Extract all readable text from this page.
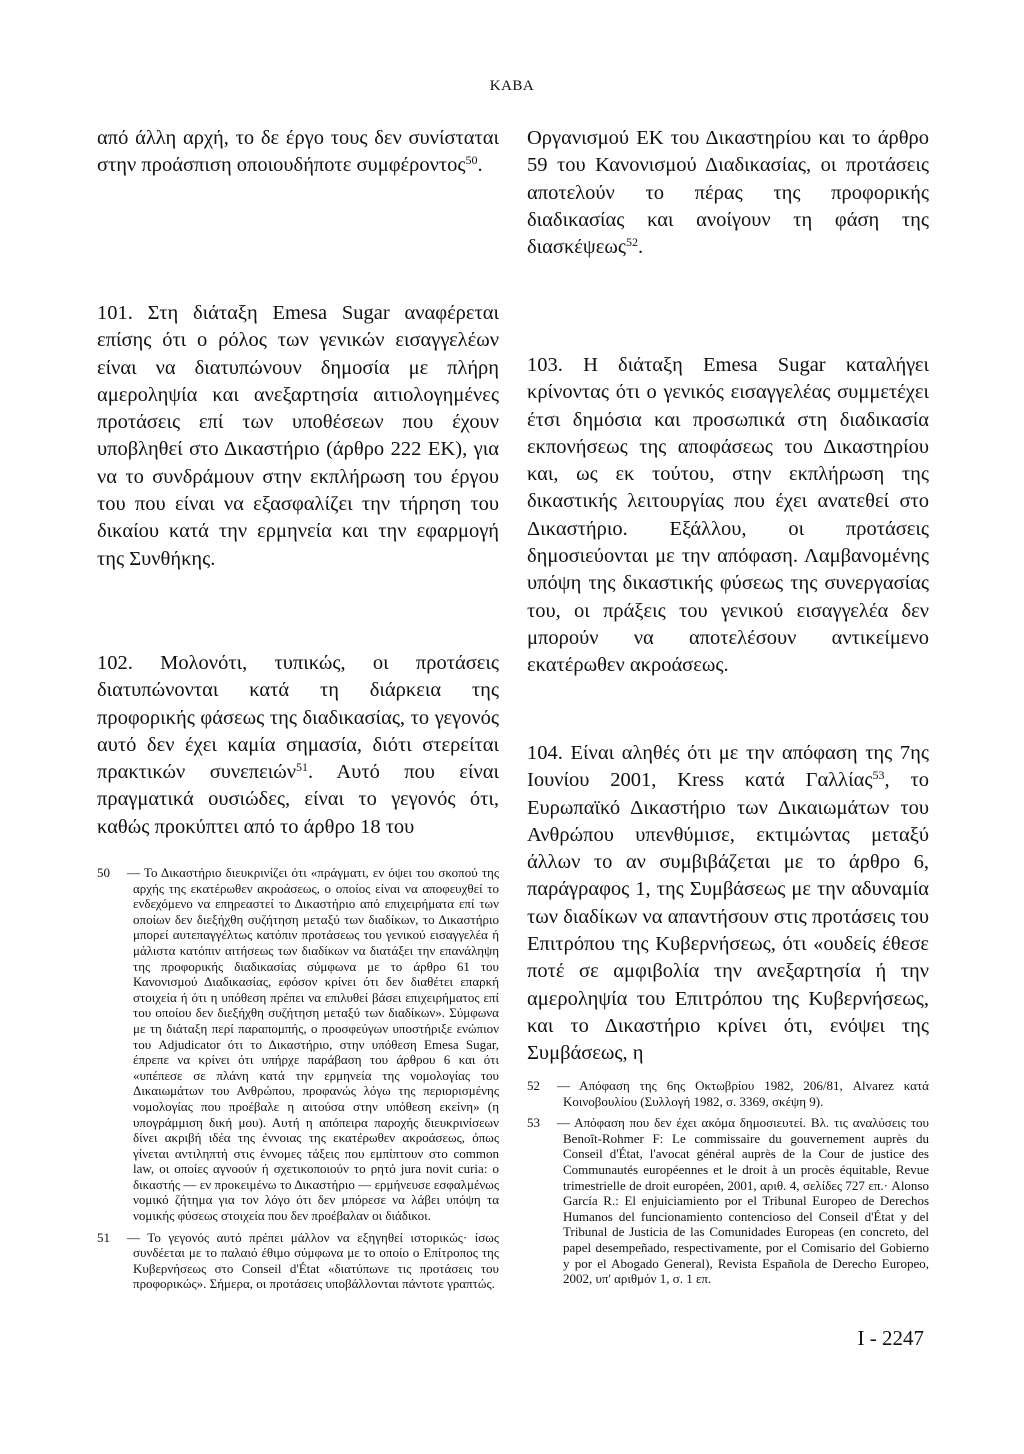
KABA

από άλλη αρχή, το δε έργο τους δεν συνίσταται στην προάσπιση οποιουδήποτε συμφέροντος$^{50}$.

101. Στη διάταξη Emesa Sugar αναφέρεται επίσης ότι ο ρόλος των γενικών εισαγγελέων είναι να διατυπώνουν δημοσία με πλήρη αμεροληψία και ανεξαρτησία αιτιολογημένες προτάσεις επί των υποθέσεων που έχουν υποβληθεί στο Δικαστήριο (άρθρο 222 ΕΚ), για να το συνδράμουν στην εκπλήρωση του έργου του που είναι να εξασφαλίζει την τήρηση του δικαίου κατά την ερμηνεία και την εφαρμογή της Συνθήκης.

102. Μολονότι, τυπικώς, οι προτάσεις διατυπώνονται κατά τη διάρκεια της προφορικής φάσεως της διαδικασίας, το γεγονός αυτό δεν έχει καμία σημασία, διότι στερείται πρακτικών συνεπειών$^{51}$. Αυτό που είναι πραγματικά ουσιώδες, είναι το γεγονός ότι, καθώς προκύπτει από το άρθρο 18 του

50 — Το Δικαστήριο διευκρινίζει ότι «πράγματι, εν όψει του σκοπού της αρχής της εκατέρωθεν ακροάσεως, ο οποίος είναι να αποφευχθεί το ενδεχόμενο να επηρεαστεί το Δικαστήριο από επιχειρήματα επί των οποίων δεν διεξήχθη συζήτηση μεταξύ των διαδίκων, το Δικαστήριο μπορεί αυτεπαγγέλτως κατόπιν προτάσεως του γενικού εισαγγελέα ή μάλιστα κατόπιν αιτήσεως των διαδίκων να διατάξει την επανάληψη της προφορικής διαδικασίας σύμφωνα με το άρθρο 61 του Κανονισμού Διαδικασίας, εφόσον κρίνει ότι δεν διαθέτει επαρκή στοιχεία ή ότι η υπόθεση πρέπει να επιλυθεί βάσει επιχειρήματος επί του οποίου δεν διεξήχθη συζήτηση μεταξύ των διαδίκων». Σύμφωνα με τη διάταξη περί παραπομπής, ο προσφεύγων υποστήριξε ενώπιον του Adjudicator ότι το Δικαστήριο, στην υπόθεση Emesa Sugar, έπρεπε να κρίνει ότι υπήρχε παράβαση του άρθρου 6 και ότι «υπέπεσε σε πλάνη κατά την ερμηνεία της νομολογίας του Δικαιωμάτων του Ανθρώπου, προφανώς λόγω της περιορισμένης νομολογίας που προέβαλε η αιτούσα στην υπόθεση εκείνη» (η υπογράμμιση δική μου). Αυτή η απόπειρα παροχής διευκρινίσεων δίνει ακριβή ιδέα της έννοιας της εκατέρωθεν ακροάσεως, όπως γίνεται αντιληπτή στις έννομες τάξεις που εμπίπτουν στο common law, οι οποίες αγνοούν ή σχετικοποιούν το ρητό jura novit curia: ο δικαστής — εν προκειμένω το Δικαστήριο — ερμήνευσε εσφαλμένως νομικό ζήτημα για τον λόγο ότι δεν μπόρεσε να λάβει υπόψη τα νομικής φύσεως στοιχεία που δεν προέβαλαν οι διάδικοι.

51 — Το γεγονός αυτό πρέπει μάλλον να εξηγηθεί ιστορικώς· ίσως συνδέεται με το παλαιό έθιμο σύμφωνα με το οποίο ο Επίτροπος της Κυβερνήσεως στο Conseil d'État «διατύπωνε τις προτάσεις του προφορικώς». Σήμερα, οι προτάσεις υποβάλλονται πάντοτε γραπτώς.

Οργανισμού ΕΚ του Δικαστηρίου και το άρθρο 59 του Κανονισμού Διαδικασίας, οι προτάσεις αποτελούν το πέρας της προφορικής διαδικασίας και ανοίγουν τη φάση της διασκέψεως$^{52}$.

103. Η διάταξη Emesa Sugar καταλήγει κρίνοντας ότι ο γενικός εισαγγελέας συμμετέχει έτσι δημόσια και προσωπικά στη διαδικασία εκπονήσεως της αποφάσεως του Δικαστηρίου και, ως εκ τούτου, στην εκπλήρωση της δικαστικής λειτουργίας που έχει ανατεθεί στο Δικαστήριο. Εξάλλου, οι προτάσεις δημοσιεύονται με την απόφαση. Λαμβανομένης υπόψη της δικαστικής φύσεως της συνεργασίας του, οι πράξεις του γενικού εισαγγελέα δεν μπορούν να αποτελέσουν αντικείμενο εκατέρωθεν ακροάσεως.

104. Είναι αληθές ότι με την απόφαση της 7ης Ιουνίου 2001, Kress κατά Γαλλίας$^{53}$, το Ευρωπαϊκό Δικαστήριο των Δικαιωμάτων του Ανθρώπου υπενθύμισε, εκτιμώντας μεταξύ άλλων το αν συμβιβάζεται με το άρθρο 6, παράγραφος 1, της Συμβάσεως με την αδυναμία των διαδίκων να απαντήσουν στις προτάσεις του Επιτρόπου της Κυβερνήσεως, ότι «ουδείς έθεσε ποτέ σε αμφιβολία την ανεξαρτησία ή την αμεροληψία του Επιτρόπου της Κυβερνήσεως, και το Δικαστήριο κρίνει ότι, ενόψει της Συμβάσεως, η

52 — Απόφαση της 6ης Οκτωβρίου 1982, 206/81, Alvarez κατά Κοινοβουλίου (Συλλογή 1982, σ. 3369, σκέψη 9).

53 — Απόφαση που δεν έχει ακόμα δημοσιευτεί. Βλ. τις αναλύσεις του Benoît-Rohmer F: Le commissaire du gouvernement auprès du Conseil d'État, l'avocat général auprès de la Cour de justice des Communautés européennes et le droit à un procès équitable, Revue trimestrielle de droit européen, 2001, αριθ. 4, σελίδες 727 επ.· Alonso García R.: El enjuiciamiento por el Tribunal Europeo de Derechos Humanos del funcionamiento contencioso del Conseil d'État y del Tribunal de Justicia de las Comunidades Europeas (en concreto, del papel desempeñado, respectivamente, por el Comisario del Gobierno y por el Abogado General), Revista Española de Derecho Europeo, 2002, υπ' αριθμόν 1, σ. 1 επ.

I - 2247
